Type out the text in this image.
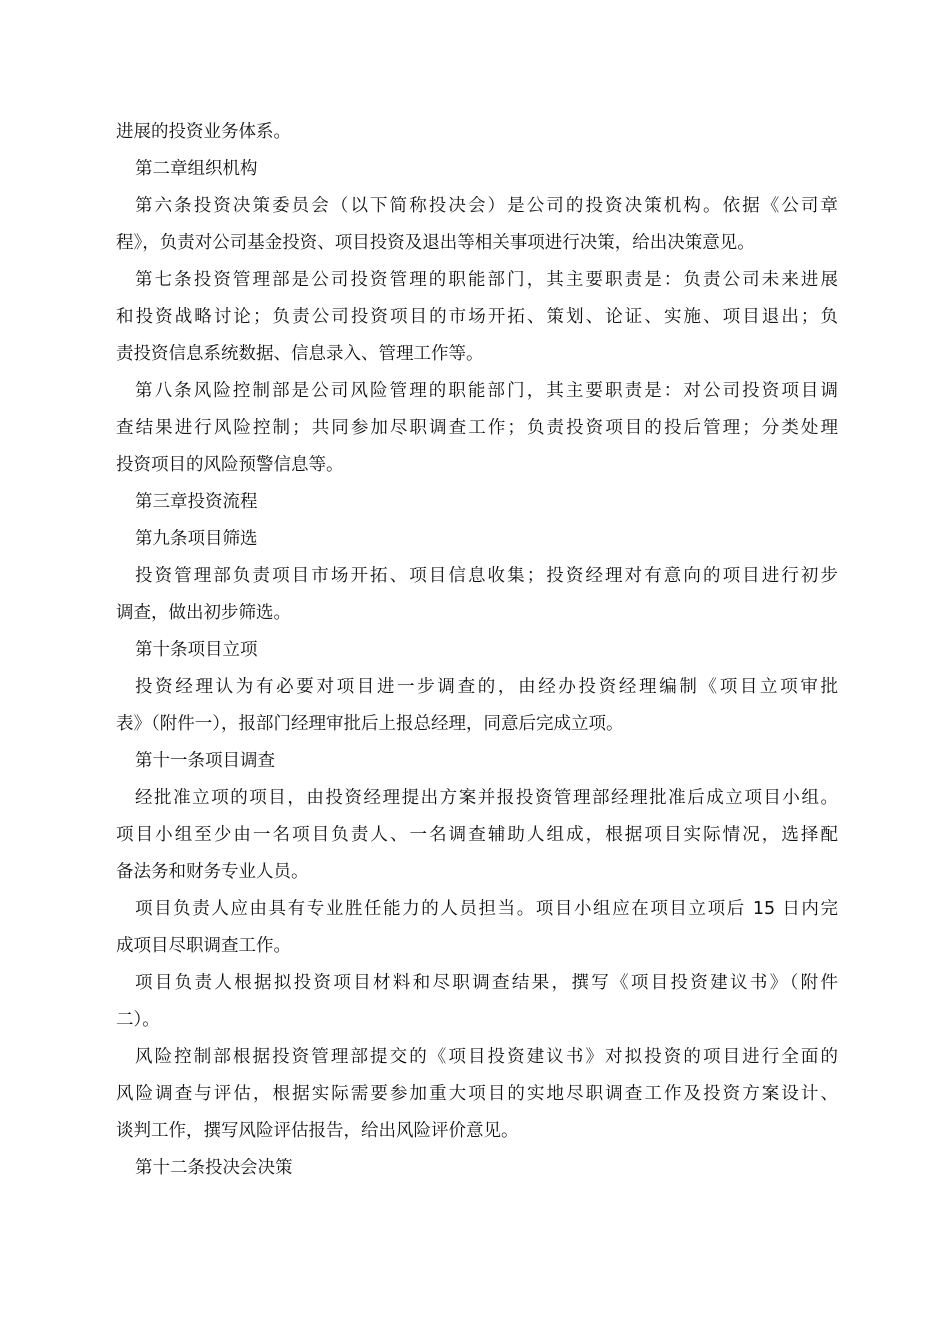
进展的投资业务体系。
第二章组织机构
第六条投资决策委员会（以下简称投决会）是公司的投资决策机构。依据《公司章
程》，负责对公司基金投资、项目投资及退出等相关事项进行决策，给出决策意见。
第七条投资管理部是公司投资管理的职能部门，其主要职责是：负责公司未来进展
和投资战略讨论；负责公司投资项目的市场开拓、策划、论证、实施、项目退出；负
责投资信息系统数据、信息录入、管理工作等。
第八条风险控制部是公司风险管理的职能部门，其主要职责是：对公司投资项目调
查结果进行风险控制；共同参加尽职调查工作；负责投资项目的投后管理；分类处理
投资项目的风险预警信息等。
第三章投资流程
第九条项目筛选
投资管理部负责项目市场开拓、项目信息收集；投资经理对有意向的项目进行初步
调查，做出初步筛选。
第十条项目立项
投资经理认为有必要对项目进一步调查的，由经办投资经理编制《项目立项审批
表》（附件一），报部门经理审批后上报总经理，同意后完成立项。
第十一条项目调查
经批准立项的项目，由投资经理提出方案并报投资管理部经理批准后成立项目小组。
项目小组至少由一名项目负责人、一名调查辅助人组成，根据项目实际情况，选择配
备法务和财务专业人员。
项目负责人应由具有专业胜任能力的人员担当。项目小组应在项目立项后 15 日内完
成项目尽职调查工作。
项目负责人根据拟投资项目材料和尽职调查结果，撰写《项目投资建议书》（附件
二）。
风险控制部根据投资管理部提交的《项目投资建议书》对拟投资的项目进行全面的
风险调查与评估，根据实际需要参加重大项目的实地尽职调查工作及投资方案设计、
谈判工作，撰写风险评估报告，给出风险评价意见。
第十二条投决会决策
